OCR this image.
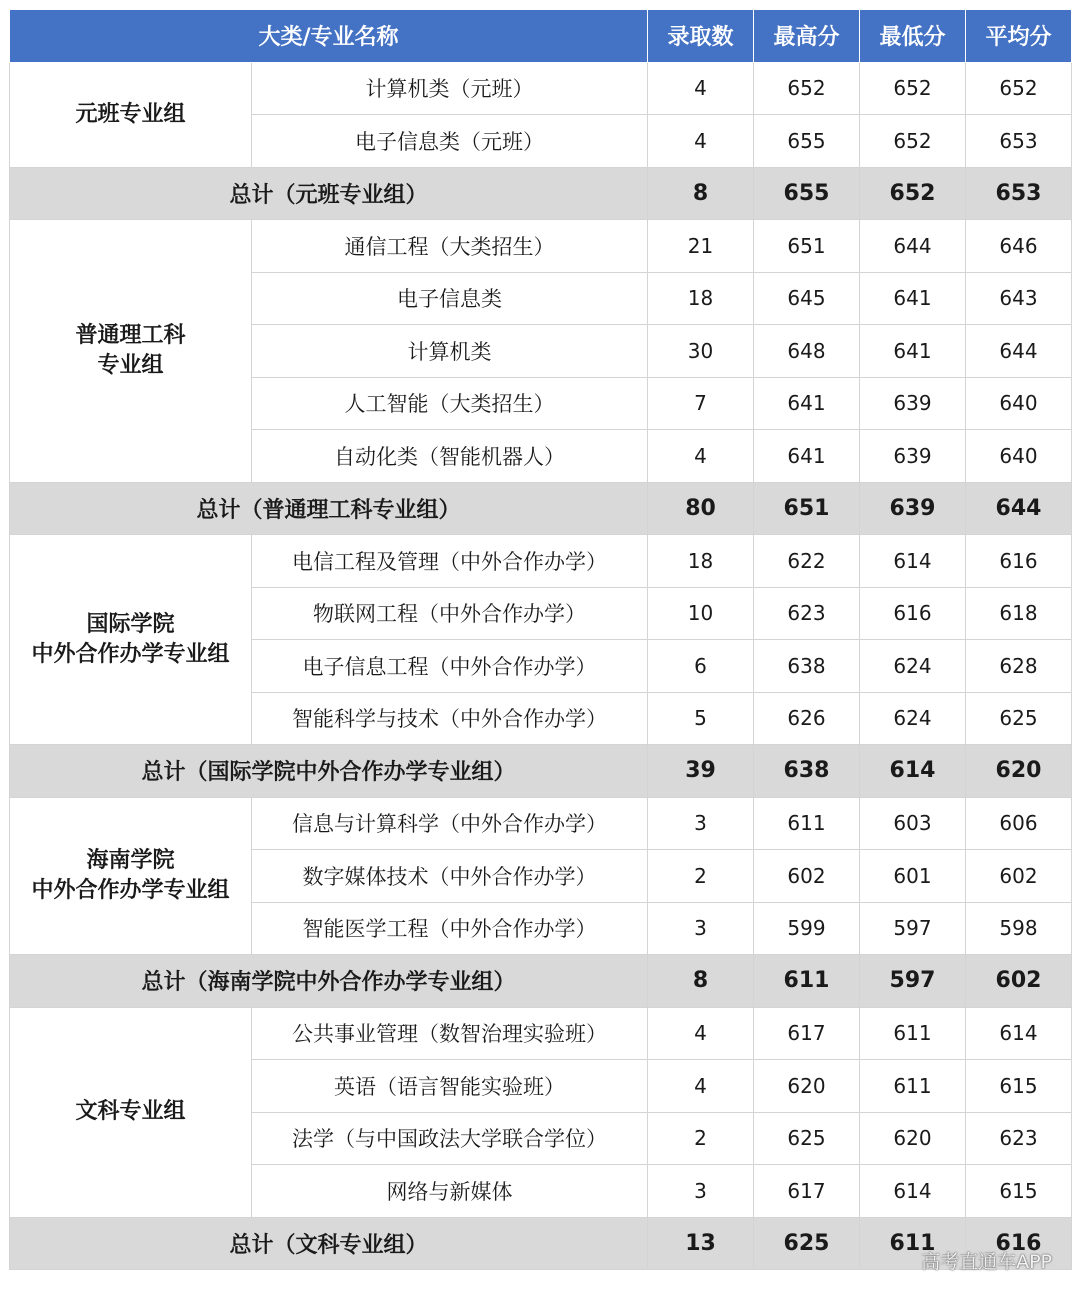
大类/专业名称		录取数	最高分	最低分	平均分

元班专业组	计算机类（元班）	4	652	652	652
	电子信息类（元班）	4	655	652	653
总计（元班专业组）		8	655	652	653

普通理工科
专业组	通信工程（大类招生）	21	651	644	646
	电子信息类	18	645	641	643
	计算机类	30	648	641	644
	人工智能（大类招生）	7	641	639	640
	自动化类（智能机器人）	4	641	639	640
总计（普通理工科专业组）		80	651	639	644

国际学院
中外合作办学专业组	电信工程及管理（中外合作办学）	18	622	614	616
	物联网工程（中外合作办学）	10	623	616	618
	电子信息工程（中外合作办学）	6	638	624	628
	智能科学与技术（中外合作办学）	5	626	624	625
总计（国际学院中外合作办学专业组）		39	638	614	620

海南学院
中外合作办学专业组	信息与计算科学（中外合作办学）	3	611	603	606
	数字媒体技术（中外合作办学）	2	602	601	602
	智能医学工程（中外合作办学）	3	599	597	598
总计（海南学院中外合作办学专业组）		8	611	597	602

文科专业组	公共事业管理（数智治理实验班）	4	617	611	614
	英语（语言智能实验班）	4	620	611	615
	法学（与中国政法大学联合学位）	2	625	620	623
	网络与新媒体	3	617	614	615
总计（文科专业组）		13	625	611	616
高考直通车APP
